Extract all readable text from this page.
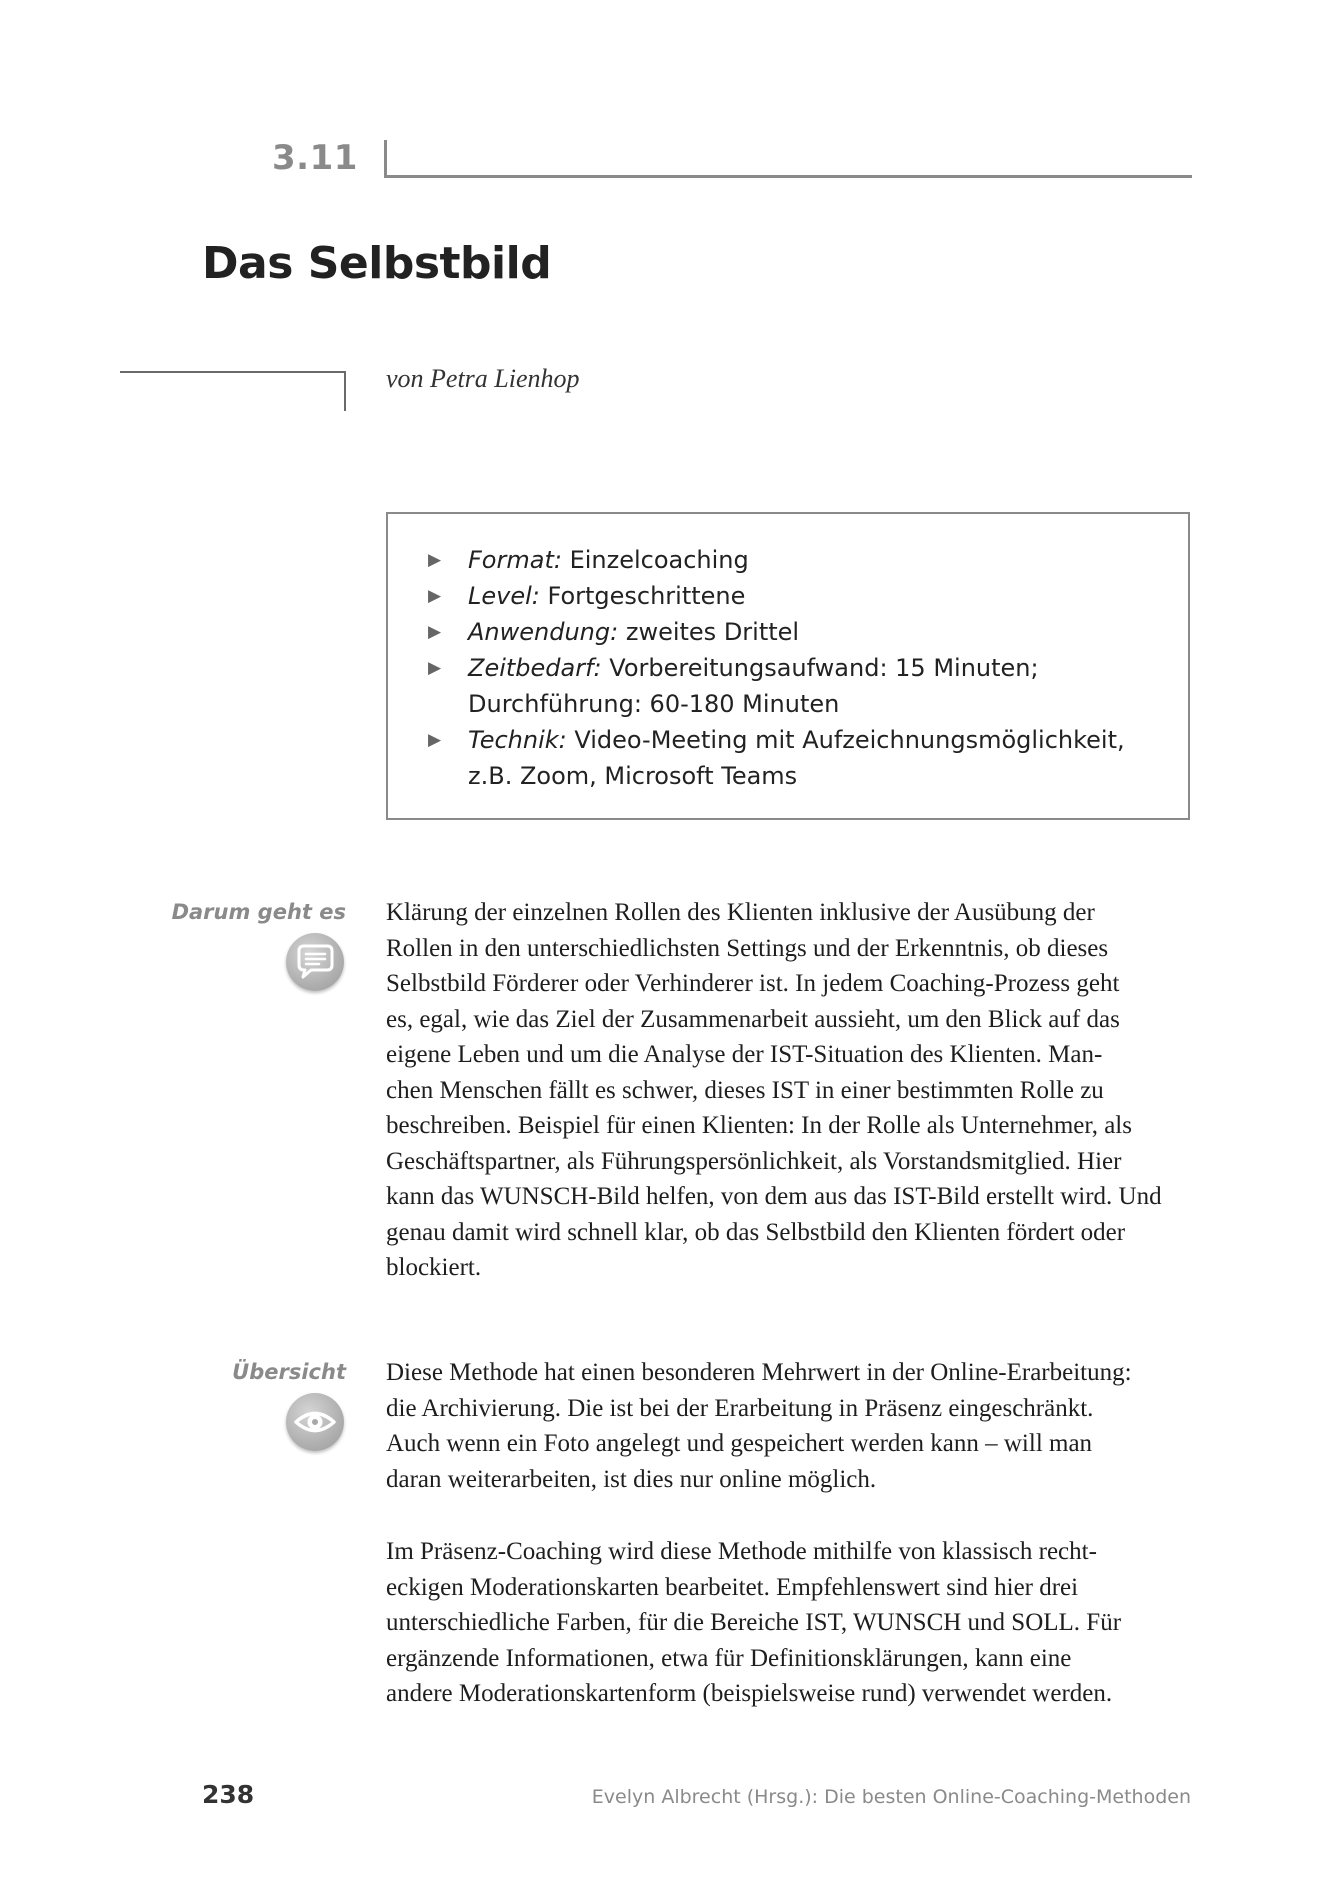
3.11
Das Selbstbild
von Petra Lienhop
▶ Format: Einzelcoaching
▶ Level: Fortgeschrittene
▶ Anwendung: zweites Drittel
▶ Zeitbedarf: Vorbereitungsaufwand: 15 Minuten;
Durchführung: 60-180 Minuten
▶ Technik: Video-Meeting mit Aufzeichnungsmöglichkeit,
z.B. Zoom, Microsoft Teams
Darum geht es Klärung der einzelnen Rollen des Klienten inklusive der Ausübung der
Rollen in den unterschiedlichsten Settings und der Erkenntnis, ob dieses
Selbstbild Förderer oder Verhinderer ist. In jedem Coaching-Prozess geht
es, egal, wie das Ziel der Zusammenarbeit aussieht, um den Blick auf das
eigene Leben und um die Analyse der IST-Situation des Klienten. Man-
chen Menschen fällt es schwer, dieses IST in einer bestimmten Rolle zu
beschreiben. Beispiel für einen Klienten: In der Rolle als Unternehmer, als
Geschäftspartner, als Führungspersönlichkeit, als Vorstandsmitglied. Hier
kann das WUNSCH-Bild helfen, von dem aus das IST-Bild erstellt wird. Und
genau damit wird schnell klar, ob das Selbstbild den Klienten fördert oder
blockiert.

Übersicht Diese Methode hat einen besonderen Mehrwert in der Online-Erarbeitung:
die Archivierung. Die ist bei der Erarbeitung in Präsenz eingeschränkt.
Auch wenn ein Foto angelegt und gespeichert werden kann – will man
daran weiterarbeiten, ist dies nur online möglich.

Im Präsenz-Coaching wird diese Methode mithilfe von klassisch recht-
eckigen Moderationskarten bearbeitet. Empfehlenswert sind hier drei
unterschiedliche Farben, für die Bereiche IST, WUNSCH und SOLL. Für
ergänzende Informationen, etwa für Definitionsklärungen, kann eine
andere Moderationskartenform (beispielsweise rund) verwendet werden.

238	Evelyn Albrecht (Hrsg.): Die besten Online-Coaching-Methoden
